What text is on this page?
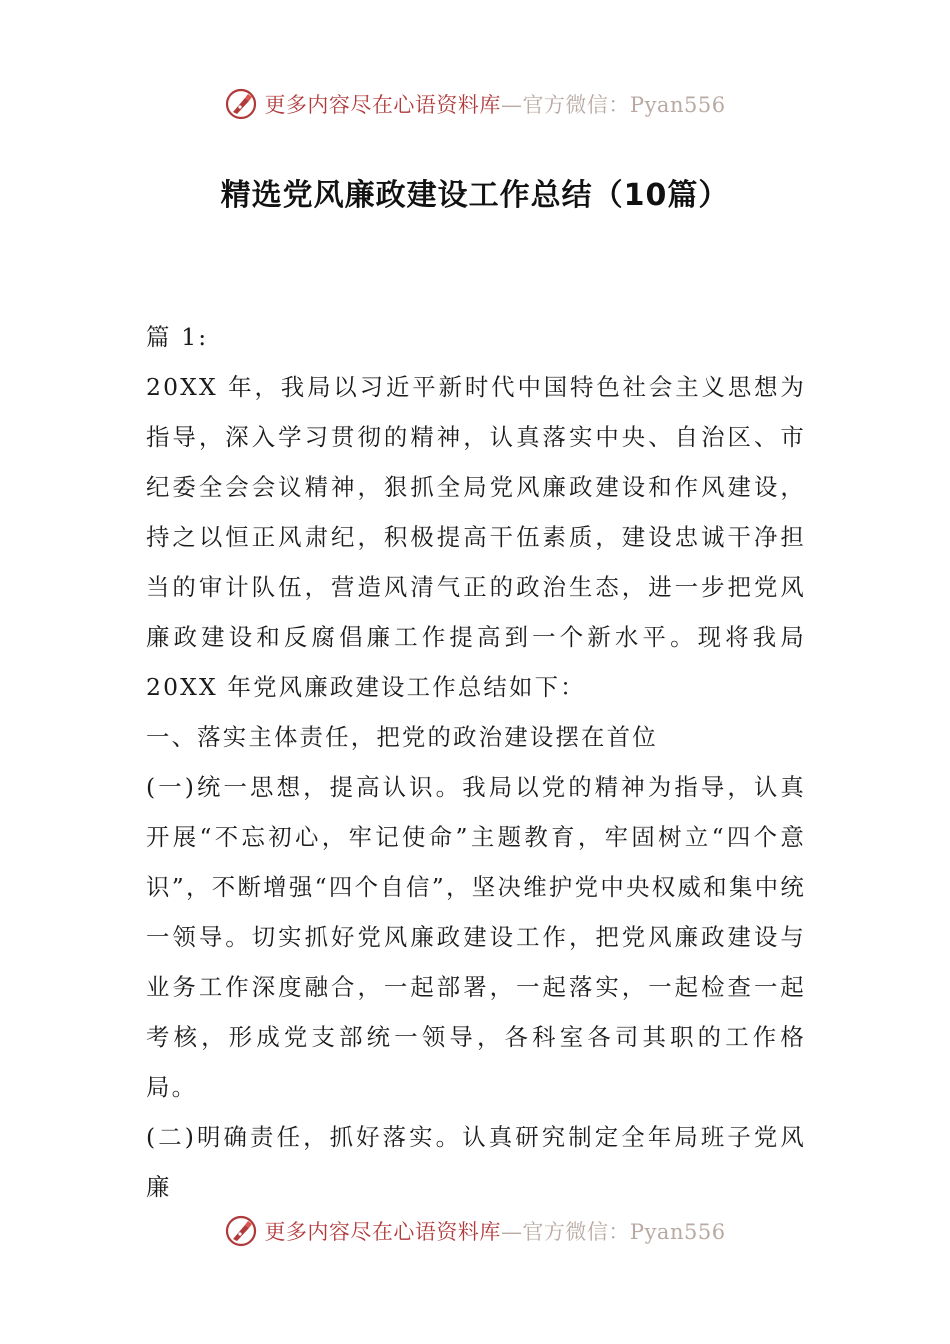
更多内容尽在心语资料库—官方微信：Pyan556
精选党风廉政建设工作总结（10篇）

篇 1:

20XX 年，我局以习近平新时代中国特色社会主义思想为指导，深入学习贯彻的精神，认真落实中央、自治区、市纪委全会会议精神，狠抓全局党风廉政建设和作风建设，持之以恒正风肃纪，积极提高干伍素质，建设忠诚干净担当的审计队伍，营造风清气正的政治生态，进一步把党风廉政建设和反腐倡廉工作提高到一个新水平。现将我局 20XX 年党风廉政建设工作总结如下：

一、落实主体责任，把党的政治建设摆在首位

(一)统一思想，提高认识。我局以党的精神为指导，认真开展“不忘初心，牢记使命”主题教育，牢固树立“四个意识”，不断增强“四个自信”，坚决维护党中央权威和集中统一领导。切实抓好党风廉政建设工作，把党风廉政建设与业务工作深度融合，一起部署，一起落实，一起检查一起考核，形成党支部统一领导，各科室各司其职的工作格局。

(二)明确责任，抓好落实。认真研究制定全年局班子党风廉

更多内容尽在心语资料库—官方微信：Pyan556
